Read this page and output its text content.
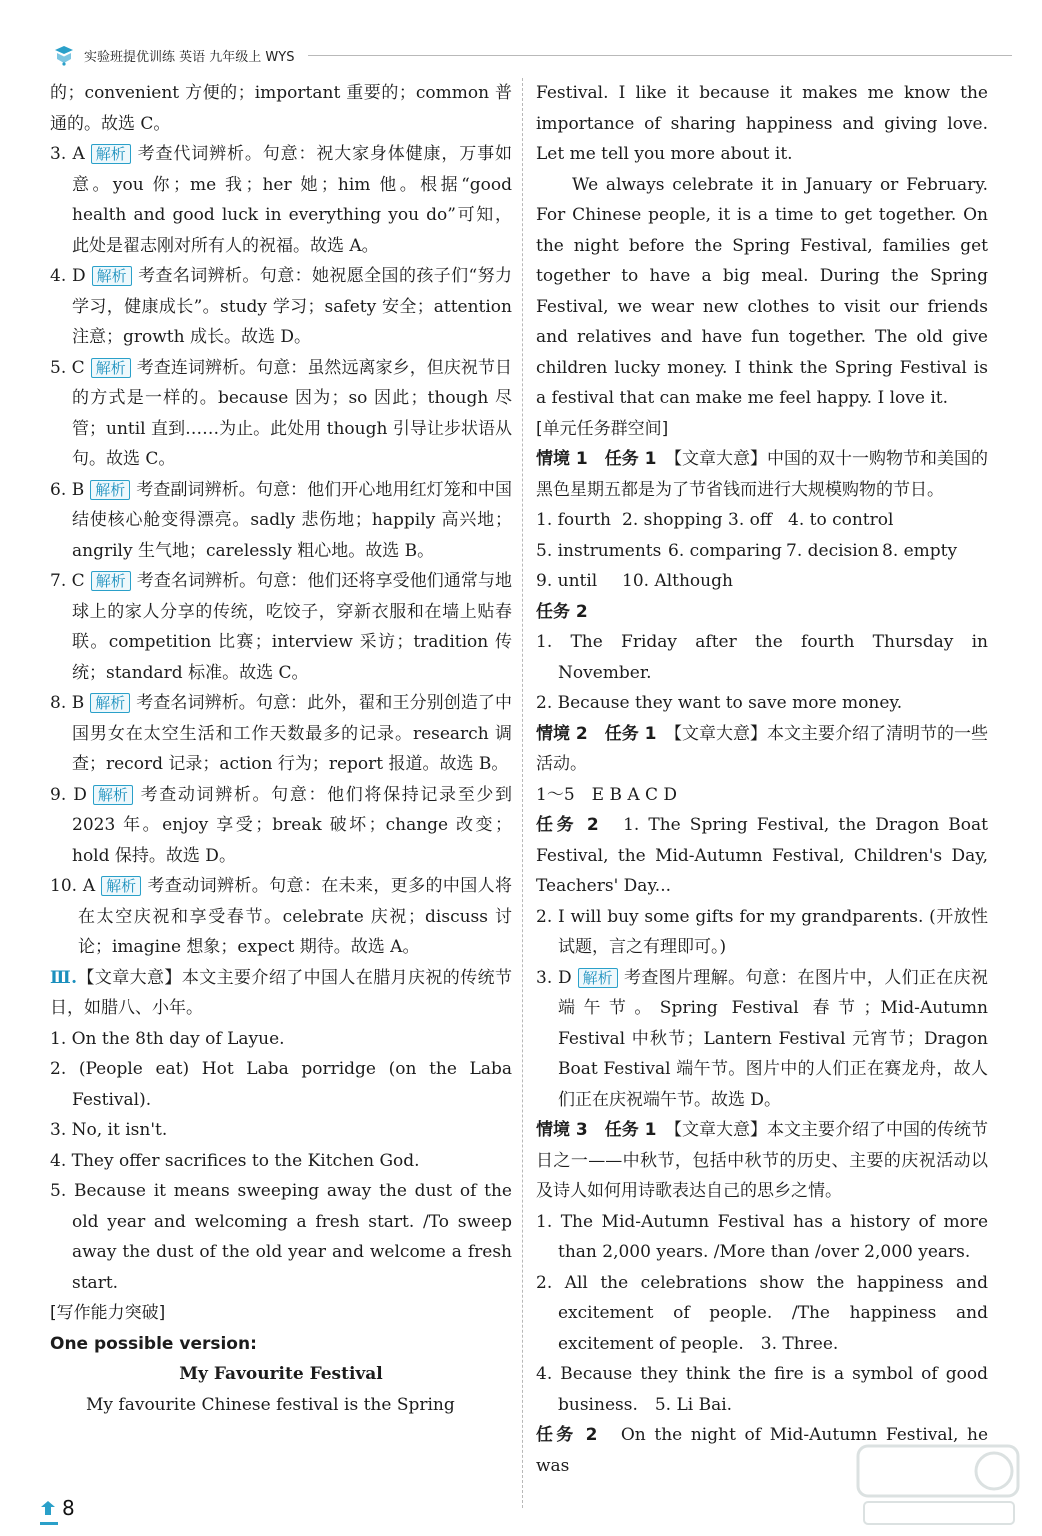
实验班提优训练 英语 九年级上 WYS

的；convenient 方便的；important 重要的；common 普通的。故选 C。

3. A 解析 考查代词辨析。句意：祝大家身体健康，万事如意。you 你；me 我；her 她；him 他。根据“good health and good luck in everything you do”可知，此处是翟志刚对所有人的祝福。故选 A。

4. D 解析 考查名词辨析。句意：她祝愿全国的孩子们“努力学习，健康成长”。study 学习；safety 安全；attention 注意；growth 成长。故选 D。

5. C 解析 考查连词辨析。句意：虽然远离家乡，但庆祝节日的方式是一样的。because 因为；so 因此；though 尽管；until 直到……为止。此处用 though 引导让步状语从句。故选 C。

6. B 解析 考查副词辨析。句意：他们开心地用红灯笼和中国结使核心舱变得漂亮。sadly 悲伤地；happily 高兴地；angrily 生气地；carelessly 粗心地。故选 B。

7. C 解析 考查名词辨析。句意：他们还将享受他们通常与地球上的家人分享的传统，吃饺子，穿新衣服和在墙上贴春联。competition 比赛；interview 采访；tradition 传统；standard 标准。故选 C。

8. B 解析 考查名词辨析。句意：此外，翟和王分别创造了中国男女在太空生活和工作天数最多的记录。research 调查；record 记录；action 行为；report 报道。故选 B。

9. D 解析 考查动词辨析。句意：他们将保持记录至少到 2023 年。enjoy 享受；break 破坏；change 改变；hold 保持。故选 D。

10. A 解析 考查动词辨析。句意：在未来，更多的中国人将在太空庆祝和享受春节。celebrate 庆祝；discuss 讨论；imagine 想象；expect 期待。故选 A。

Ⅲ.【文章大意】本文主要介绍了中国人在腊月庆祝的传统节日，如腊八、小年。

1. On the 8th day of Layue.

2. (People eat) Hot Laba porridge (on the Laba Festival).

3. No, it isn't.

4. They offer sacrifices to the Kitchen God.

5. Because it means sweeping away the dust of the old year and welcoming a fresh start. /To sweep away the dust of the old year and welcome a fresh start.

[写作能力突破]

One possible version:

My Favourite Festival

My favourite Chinese festival is the Spring

Festival. I like it because it makes me know the importance of sharing happiness and giving love. Let me tell you more about it.

We always celebrate it in January or February. For Chinese people, it is a time to get together. On the night before the Spring Festival, families get together to have a big meal. During the Spring Festival, we wear new clothes to visit our friends and relatives and have fun together. The old give children lucky money. I think the Spring Festival is a festival that can make me feel happy. I love it.

[单元任务群空间]

情境 1　任务 1　 【文章大意】中国的双十一购物节和美国的黑色星期五都是为了节省钱而进行大规模购物的节日。

1. fourth 2. shopping 3. off 4. to control
5. instruments 6. comparing 7. decision 8. empty
9. until	10. Although

任务 2

1. The Friday after the fourth Thursday in November.

2. Because they want to save more money.

情境 2　任务 1　 【文章大意】本文主要介绍了清明节的一些活动。

1～5　E B A C D

任务 2　 1. The Spring Festival, the Dragon Boat Festival, the Mid-Autumn Festival, Children's Day, Teachers' Day...

2. I will buy some gifts for my grandparents. (开放性试题，言之有理即可。)

3. D 解析 考查图片理解。句意：在图片中，人们正在庆祝端午节。Spring Festival 春节；Mid-Autumn Festival 中秋节；Lantern Festival 元宵节；Dragon Boat Festival 端午节。图片中的人们正在赛龙舟，故人们正在庆祝端午节。故选 D。

情境 3　任务 1　 【文章大意】本文主要介绍了中国的传统节日之一——中秋节，包括中秋节的历史、主要的庆祝活动以及诗人如何用诗歌表达自己的思乡之情。

1. The Mid-Autumn Festival has a history of more than 2,000 years. /More than /over 2,000 years.

2. All the celebrations show the happiness and excitement of people. /The happiness and excitement of people.　 3. Three.

4. Because they think the fire is a symbol of good business.　 5. Li Bai.

任务 2　 On the night of Mid-Autumn Festival, he was

8
